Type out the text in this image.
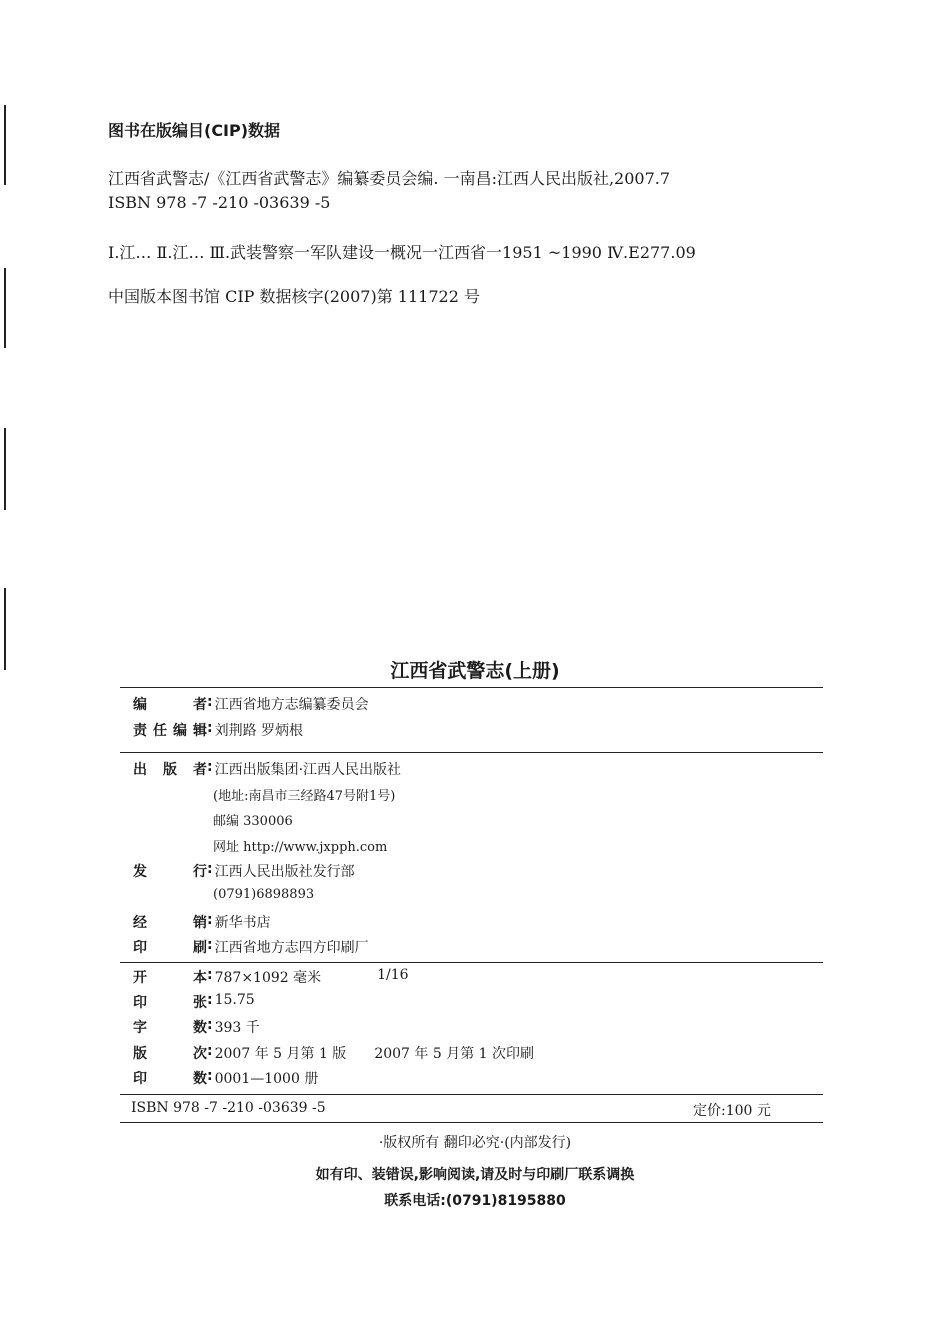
图书在版编目(CIP)数据
江西省武警志/《江西省武警志》编纂委员会编. 一南昌:江西人民出版社,2007.7
ISBN 978 -7 -210 -03639 -5
Ⅰ.江… Ⅱ.江… Ⅲ.武装警察一军队建设一概况一江西省一1951 ~1990 Ⅳ.E277.09
中国版本图书馆 CIP 数据核字(2007)第 111722 号
江西省武警志(上册)
编者 : 江西省地方志编纂委员会
责任编辑 : 刘荆路 罗炳根
出版者 : 江西出版集团·江西人民出版社
(地址:南昌市三经路47号附1号)
邮编 330006
网址 http://www.jxpph.com
发行 : 江西人民出版社发行部
(0791)6898893
经销 : 新华书店
印刷 : 江西省地方志四方印刷厂
开本 : 787×1092 毫米	1/16
印张 : 15.75
字数 : 393 千
版次 : 2007 年 5 月第 1 版 2007 年 5 月第 1 次印刷
印数 : 0001—1000 册
ISBN 978 -7 -210 -03639 -5	定价:100 元
·版权所有 翻印必究·(内部发行)
如有印、装错误,影响阅读,请及时与印刷厂联系调换
联系电话:(0791)8195880
